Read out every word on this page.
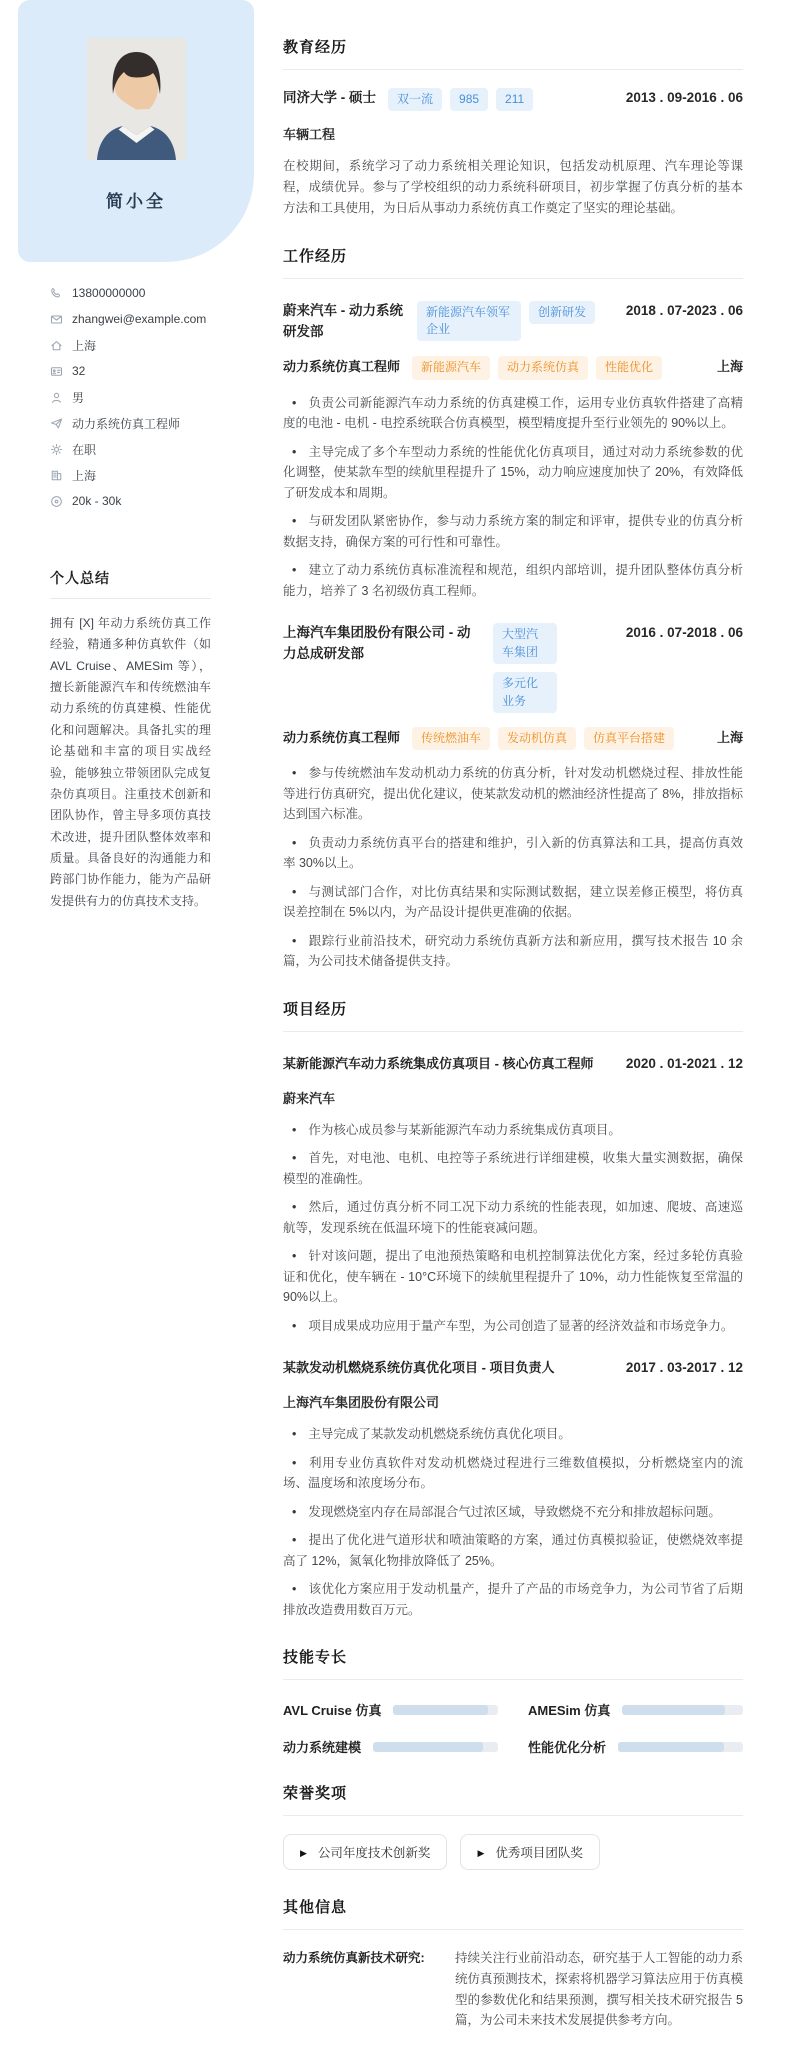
简小全
13800000000
zhangwei@example.com
上海
32
男
动力系统仿真工程师
在职
上海
20k - 30k
个人总结

拥有 [X] 年动力系统仿真工作经验，精通多种仿真软件（如 AVL Cruise、AMESim 等），擅长新能源汽车和传统燃油车动力系统的仿真建模、性能优化和问题解决。具备扎实的理论基础和丰富的项目实战经验，能够独立带领团队完成复杂仿真项目。注重技术创新和团队协作，曾主导多项仿真技术改进，提升团队整体效率和质量。具备良好的沟通能力和跨部门协作能力，能为产品研发提供有力的仿真技术支持。

教育经历
同济大学 - 硕士	双一流	985	211	2013 . 09-2016 . 06
车辆工程

在校期间，系统学习了动力系统相关理论知识，包括发动机原理、汽车理论等课程，成绩优异。参与了学校组织的动力系统科研项目，初步掌握了仿真分析的基本方法和工具使用，为日后从事动力系统仿真工作奠定了坚实的理论基础。

工作经历
蔚来汽车 - 动力系统研发部
新能源汽车领军企业
创新研发	2018 . 07-2023 . 06
动力系统仿真工程师	新能源汽车	动力系统仿真	性能优化	上海

• 负责公司新能源汽车动力系统的仿真建模工作，运用专业仿真软件搭建了高精度的电池 - 电机 - 电控系统联合仿真模型，模型精度提升至行业领先的 90%以上。

• 主导完成了多个车型动力系统的性能优化仿真项目，通过对动力系统参数的优化调整，使某款车型的续航里程提升了 15%，动力响应速度加快了 20%，有效降低了研发成本和周期。

• 与研发团队紧密协作，参与动力系统方案的制定和评审，提供专业的仿真分析数据支持，确保方案的可行性和可靠性。

• 建立了动力系统仿真标准流程和规范，组织内部培训，提升团队整体仿真分析能力，培养了 3 名初级仿真工程师。

上海汽车集团股份有限公司 - 动力总成研发部
大型汽车集团
多元化业务
2016 . 07-2018 . 06
动力系统仿真工程师	传统燃油车	发动机仿真	仿真平台搭建	上海

• 参与传统燃油车发动机动力系统的仿真分析，针对发动机燃烧过程、排放性能等进行仿真研究，提出优化建议，使某款发动机的燃油经济性提高了 8%，排放指标达到国六标准。

• 负责动力系统仿真平台的搭建和维护，引入新的仿真算法和工具，提高仿真效率 30%以上。

• 与测试部门合作，对比仿真结果和实际测试数据，建立误差修正模型，将仿真误差控制在 5%以内，为产品设计提供更准确的依据。

• 跟踪行业前沿技术，研究动力系统仿真新方法和新应用，撰写技术报告 10 余篇，为公司技术储备提供支持。

项目经历
某新能源汽车动力系统集成仿真项目 - 核心仿真工程师	2020 . 01-2021 . 12
蔚来汽车

• 作为核心成员参与某新能源汽车动力系统集成仿真项目。

• 首先，对电池、电机、电控等子系统进行详细建模，收集大量实测数据，确保模型的准确性。

• 然后，通过仿真分析不同工况下动力系统的性能表现，如加速、爬坡、高速巡航等，发现系统在低温环境下的性能衰减问题。

• 针对该问题，提出了电池预热策略和电机控制算法优化方案，经过多轮仿真验证和优化，使车辆在 - 10°C环境下的续航里程提升了 10%，动力性能恢复至常温的 90%以上。

• 项目成果成功应用于量产车型，为公司创造了显著的经济效益和市场竞争力。

某款发动机燃烧系统仿真优化项目 - 项目负责人	2017 . 03-2017 . 12
上海汽车集团股份有限公司

• 主导完成了某款发动机燃烧系统仿真优化项目。

• 利用专业仿真软件对发动机燃烧过程进行三维数值模拟，分析燃烧室内的流场、温度场和浓度场分布。

• 发现燃烧室内存在局部混合气过浓区域，导致燃烧不充分和排放超标问题。

• 提出了优化进气道形状和喷油策略的方案，通过仿真模拟验证，使燃烧效率提高了 12%，氮氧化物排放降低了 25%。

• 该优化方案应用于发动机量产，提升了产品的市场竞争力，为公司节省了后期排放改造费用数百万元。

技能专长
AVL Cruise 仿真	AMESim 仿真
动力系统建模	性能优化分析
荣誉奖项
▶
公司年度技术创新奖 ▶	优秀项目团队奖
其他信息
动力系统仿真新技术研究:	持续关注行业前沿动态，研究基于人工智能的动力系统仿真预测技术，探索将机器学习算法应用于仿真模型的参数优化和结果预测，撰写相关技术研究报告 5 篇，为公司未来技术发展提供参考方向。
